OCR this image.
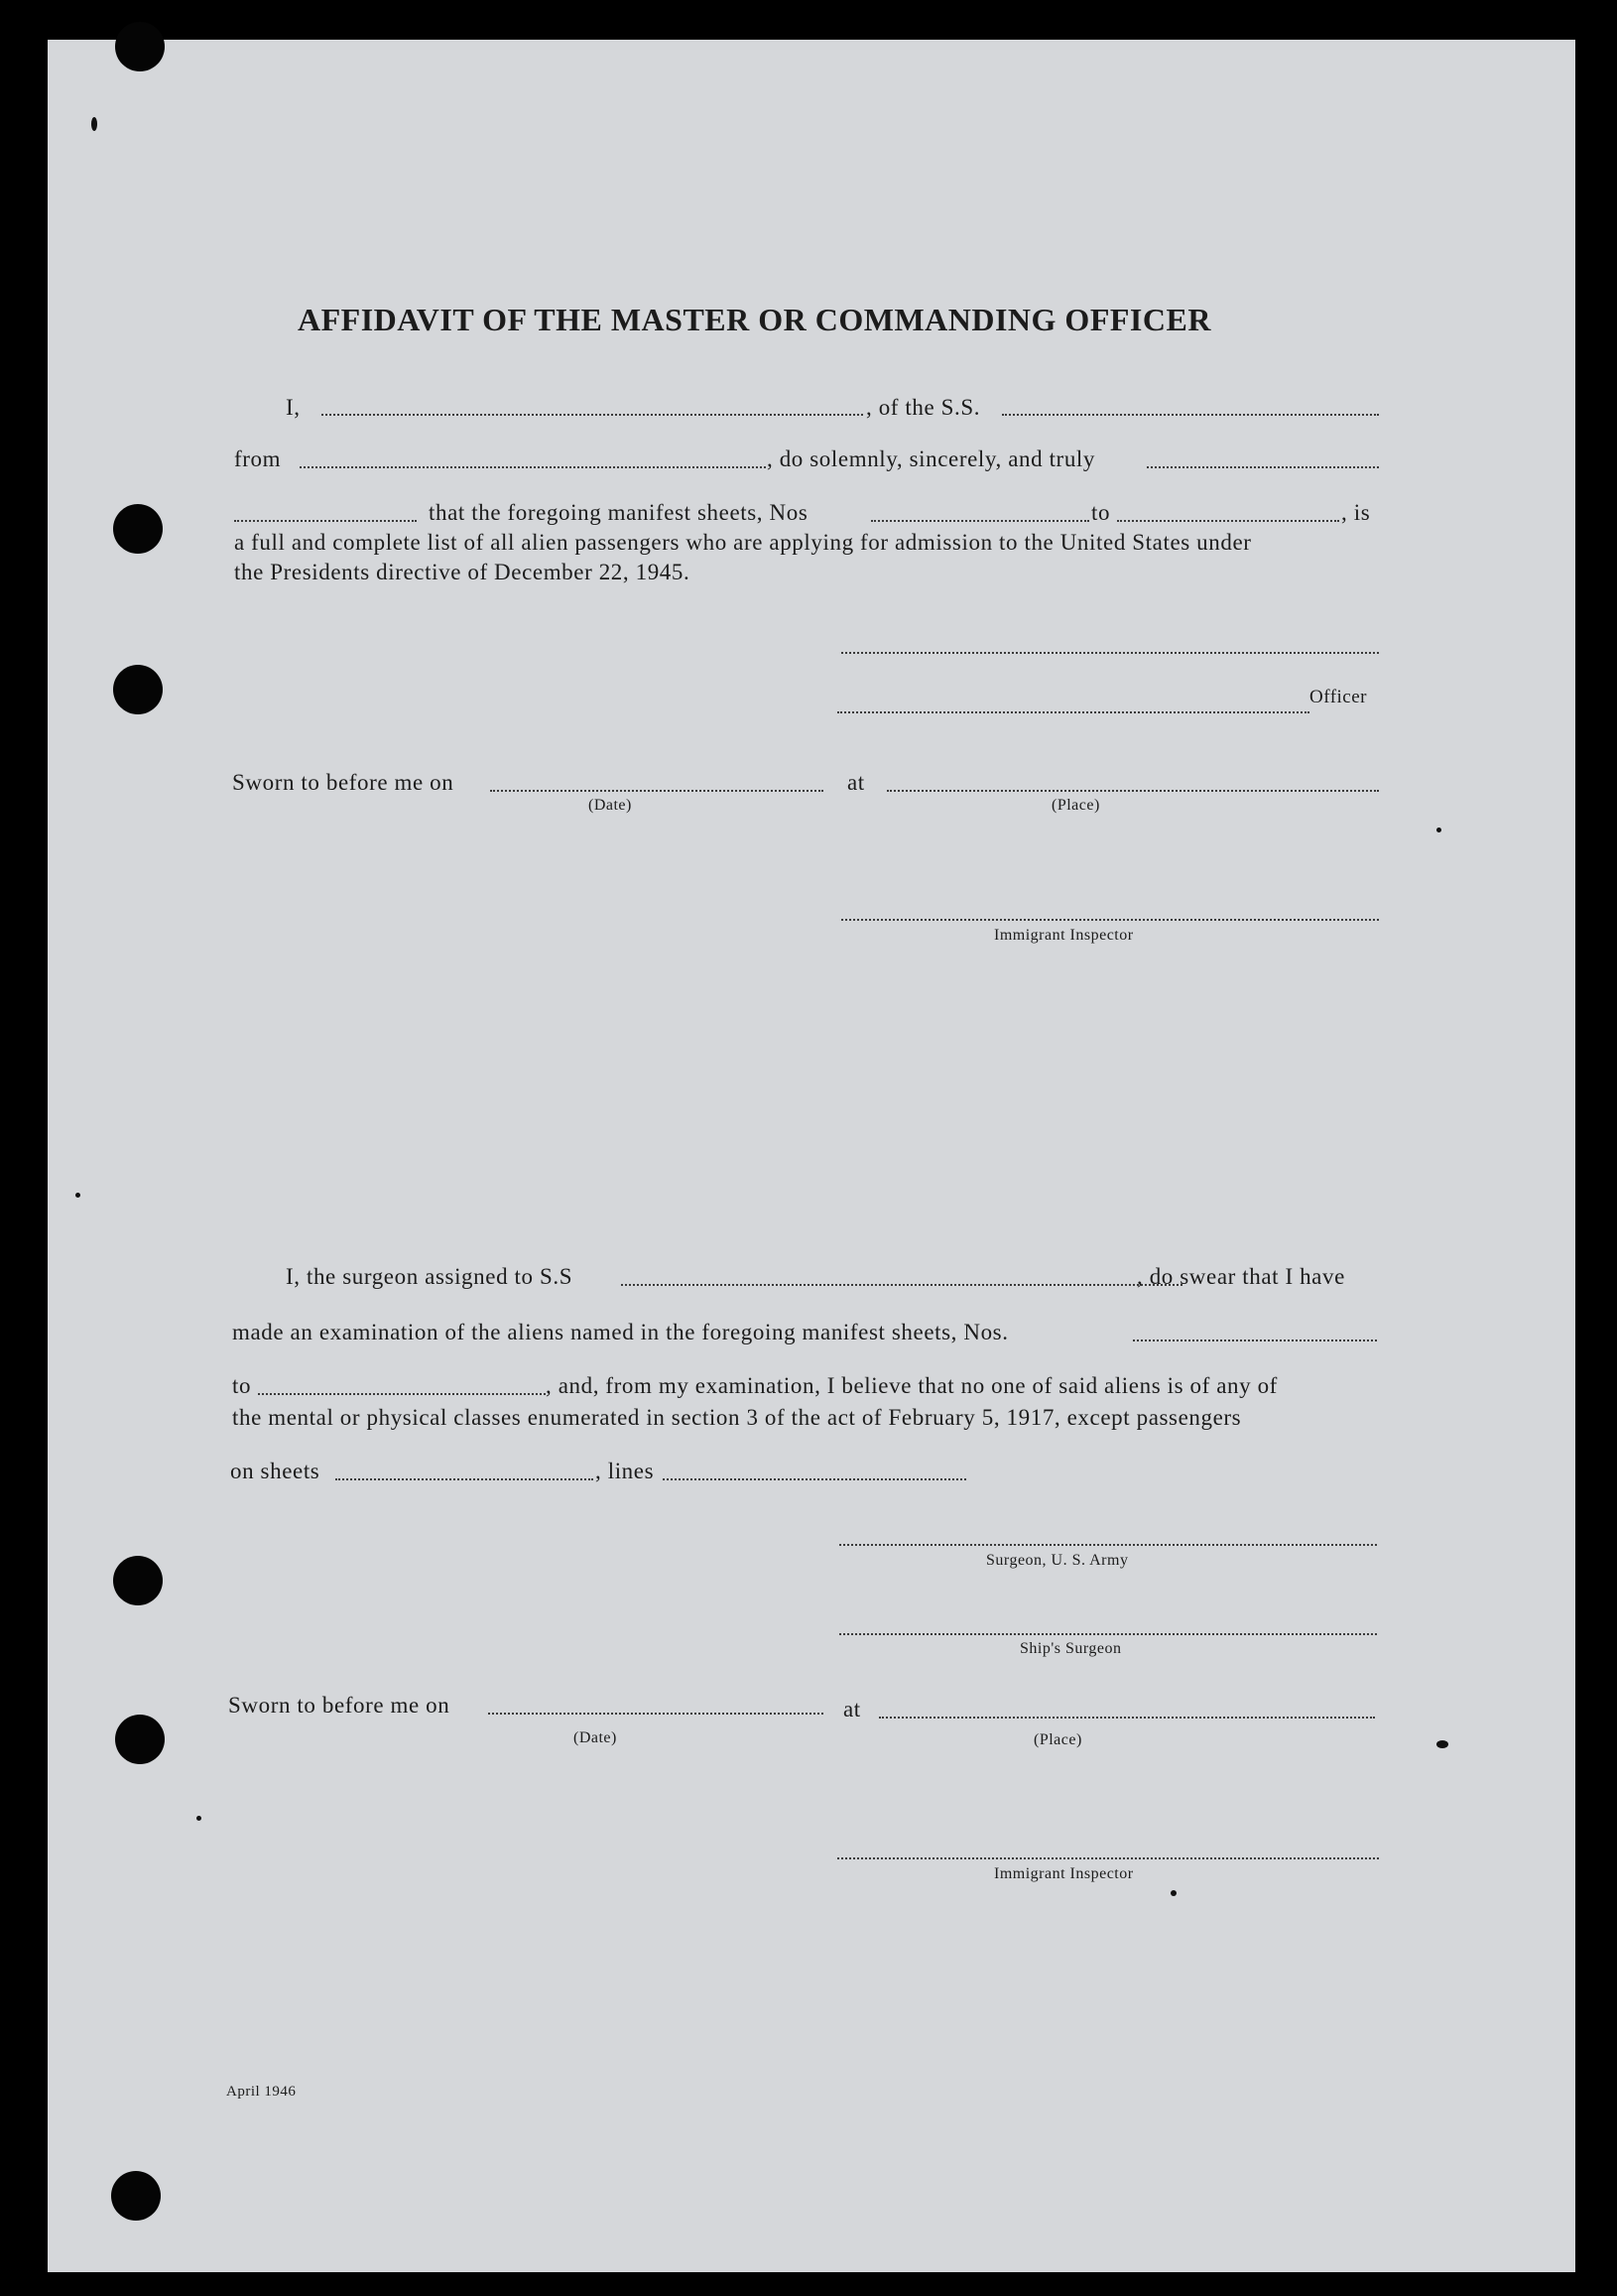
AFFIDAVIT OF THE MASTER OR COMMANDING OFFICER
I,	, of the S.S.
from	, do solemnly, sincerely, and truly
that the foregoing manifest sheets, Nos	to	, is
a full and complete list of all alien passengers who are applying for admission to the United States under
the Presidents directive of December 22, 1945.
Officer
Sworn to before me on	at
(Date)	(Place)
Immigrant Inspector
I, the surgeon assigned to S.S	, do swear that I have
made an examination of the aliens named in the foregoing manifest sheets, Nos.
to	, and, from my examination, I believe that no one of said aliens is of any of
the mental or physical classes enumerated in section 3 of the act of February 5, 1917, except passengers
on sheets	, lines
Surgeon, U. S. Army
Ship's Surgeon
Sworn to before me on	at
(Date)	(Place)
Immigrant Inspector
April 1946
